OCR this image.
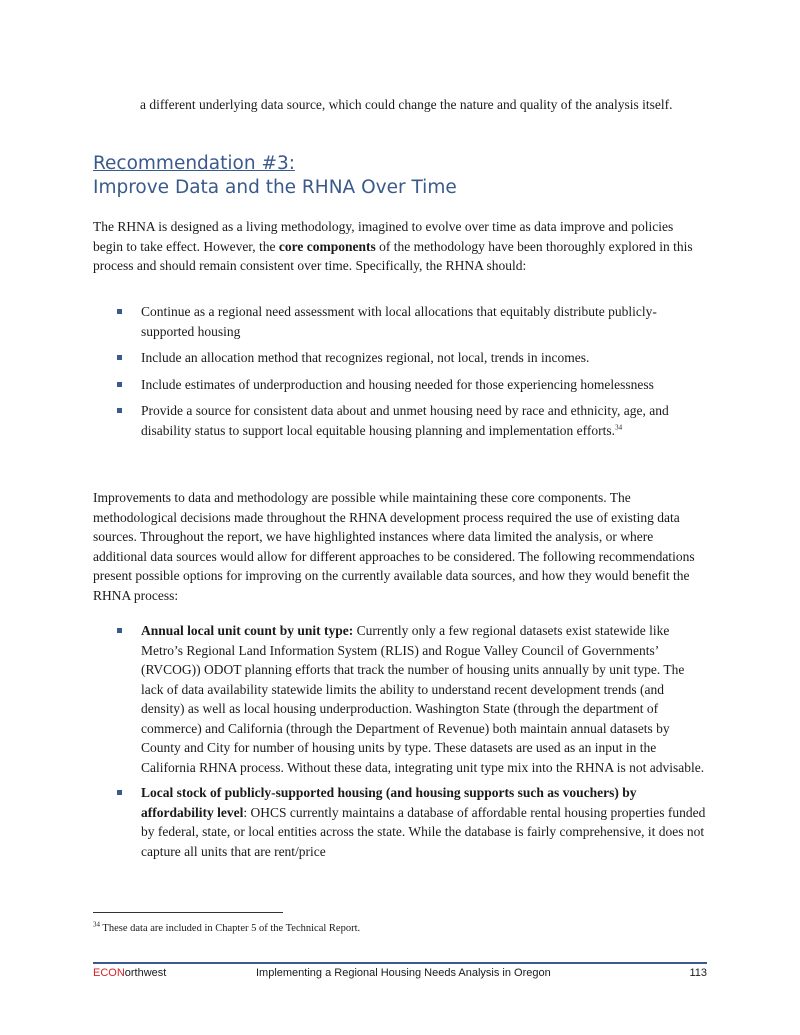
a different underlying data source, which could change the nature and quality of the analysis itself.

Recommendation #3:
Improve Data and the RHNA Over Time

The RHNA is designed as a living methodology, imagined to evolve over time as data improve and policies begin to take effect. However, the core components of the methodology have been thoroughly explored in this process and should remain consistent over time. Specifically, the RHNA should:

Continue as a regional need assessment with local allocations that equitably distribute publicly-supported housing
Include an allocation method that recognizes regional, not local, trends in incomes.
Include estimates of underproduction and housing needed for those experiencing homelessness
Provide a source for consistent data about and unmet housing need by race and ethnicity, age, and disability status to support local equitable housing planning and implementation efforts.$^{34}$

Improvements to data and methodology are possible while maintaining these core components. The methodological decisions made throughout the RHNA development process required the use of existing data sources. Throughout the report, we have highlighted instances where data limited the analysis, or where additional data sources would allow for different approaches to be considered. The following recommendations present possible options for improving on the currently available data sources, and how they would benefit the RHNA process:

Annual local unit count by unit type: Currently only a few regional datasets exist statewide like Metro’s Regional Land Information System (RLIS) and Rogue Valley Council of Governments’ (RVCOG)) ODOT planning efforts that track the number of housing units annually by unit type. The lack of data availability statewide limits the ability to understand recent development trends (and density) as well as local housing underproduction. Washington State (through the department of commerce) and California (through the Department of Revenue) both maintain annual datasets by County and City for number of housing units by type. These datasets are used as an input in the California RHNA process. Without these data, integrating unit type mix into the RHNA is not advisable.
Local stock of publicly-supported housing (and housing supports such as vouchers) by affordability level: OHCS currently maintains a database of affordable rental housing properties funded by federal, state, or local entities across the state. While the database is fairly comprehensive, it does not capture all units that are rent/price

$^{34}$ These data are included in Chapter 5 of the Technical Report.

ECONorthwest	Implementing a Regional Housing Needs Analysis in Oregon	113
